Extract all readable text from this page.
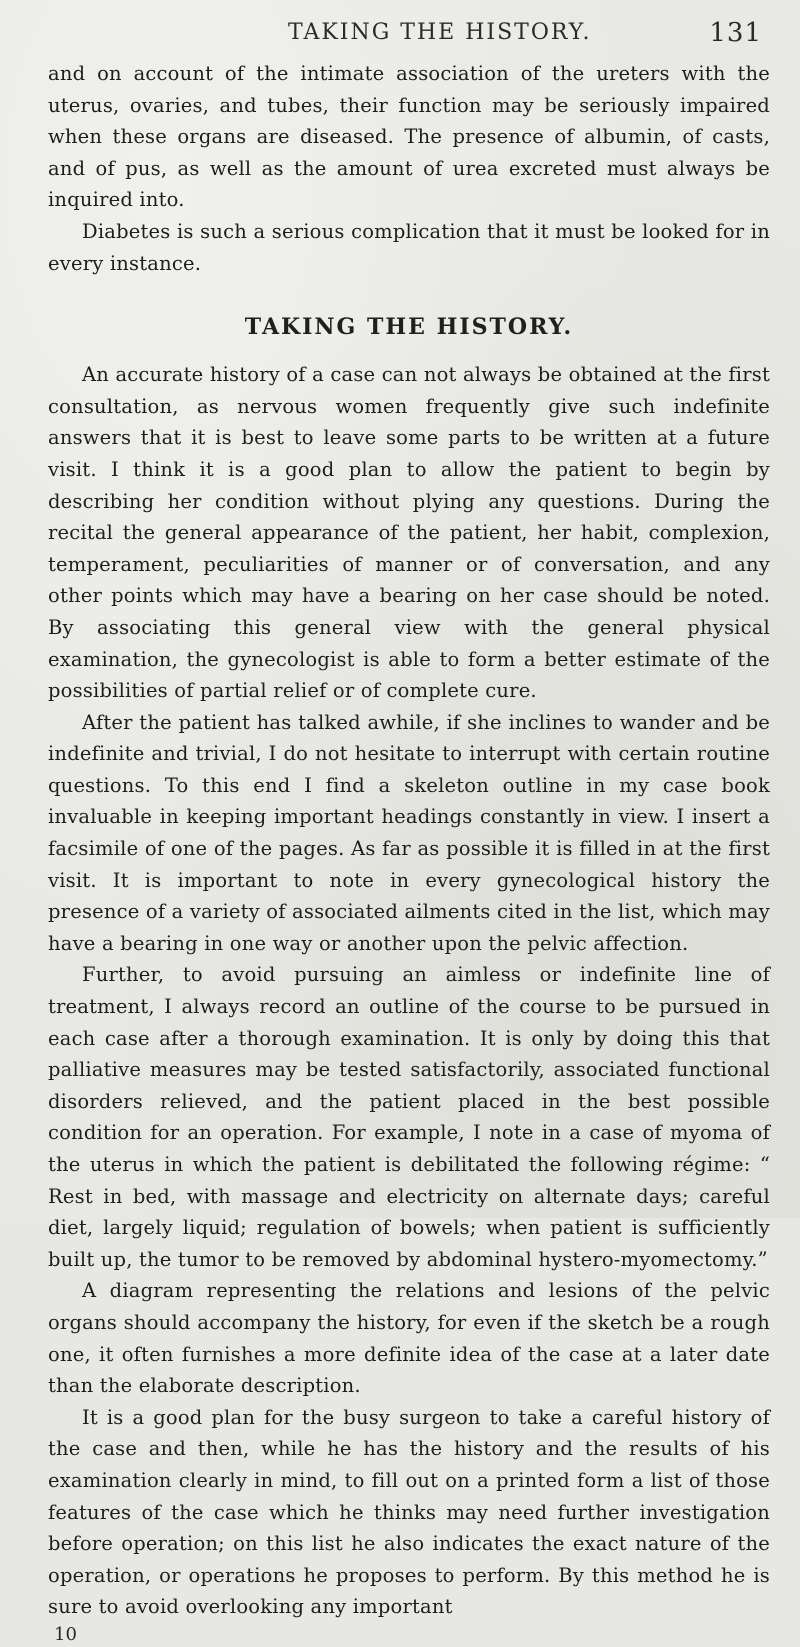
TAKING THE HISTORY.	131

and on account of the intimate association of the ureters with the uterus, ovaries, and tubes, their function may be seriously impaired when these organs are diseased. The presence of albumin, of casts, and of pus, as well as the amount of urea excreted must always be inquired into.

Diabetes is such a serious complication that it must be looked for in every instance.

TAKING THE HISTORY.

An accurate history of a case can not always be obtained at the first consultation, as nervous women frequently give such indefinite answers that it is best to leave some parts to be written at a future visit. I think it is a good plan to allow the patient to begin by describing her condition without plying any questions. During the recital the general appearance of the patient, her habit, complexion, temperament, peculiarities of manner or of conversation, and any other points which may have a bearing on her case should be noted. By associating this general view with the general physical examination, the gynecologist is able to form a better estimate of the possibilities of partial relief or of complete cure.

After the patient has talked awhile, if she inclines to wander and be indefinite and trivial, I do not hesitate to interrupt with certain routine questions. To this end I find a skeleton outline in my case book invaluable in keeping important headings constantly in view. I insert a facsimile of one of the pages. As far as possible it is filled in at the first visit. It is important to note in every gynecological history the presence of a variety of associated ailments cited in the list, which may have a bearing in one way or another upon the pelvic affection.

Further, to avoid pursuing an aimless or indefinite line of treatment, I always record an outline of the course to be pursued in each case after a thorough examination. It is only by doing this that palliative measures may be tested satisfactorily, associated functional disorders relieved, and the patient placed in the best possible condition for an operation. For example, I note in a case of myoma of the uterus in which the patient is debilitated the following régime: “ Rest in bed, with massage and electricity on alternate days; careful diet, largely liquid; regulation of bowels; when patient is sufficiently built up, the tumor to be removed by abdominal hystero-myomectomy.”

A diagram representing the relations and lesions of the pelvic organs should accompany the history, for even if the sketch be a rough one, it often furnishes a more definite idea of the case at a later date than the elaborate description.

It is a good plan for the busy surgeon to take a careful history of the case and then, while he has the history and the results of his examination clearly in mind, to fill out on a printed form a list of those features of the case which he thinks may need further investigation before operation; on this list he also indicates the exact nature of the operation, or operations he proposes to perform. By this method he is sure to avoid overlooking any important

10
